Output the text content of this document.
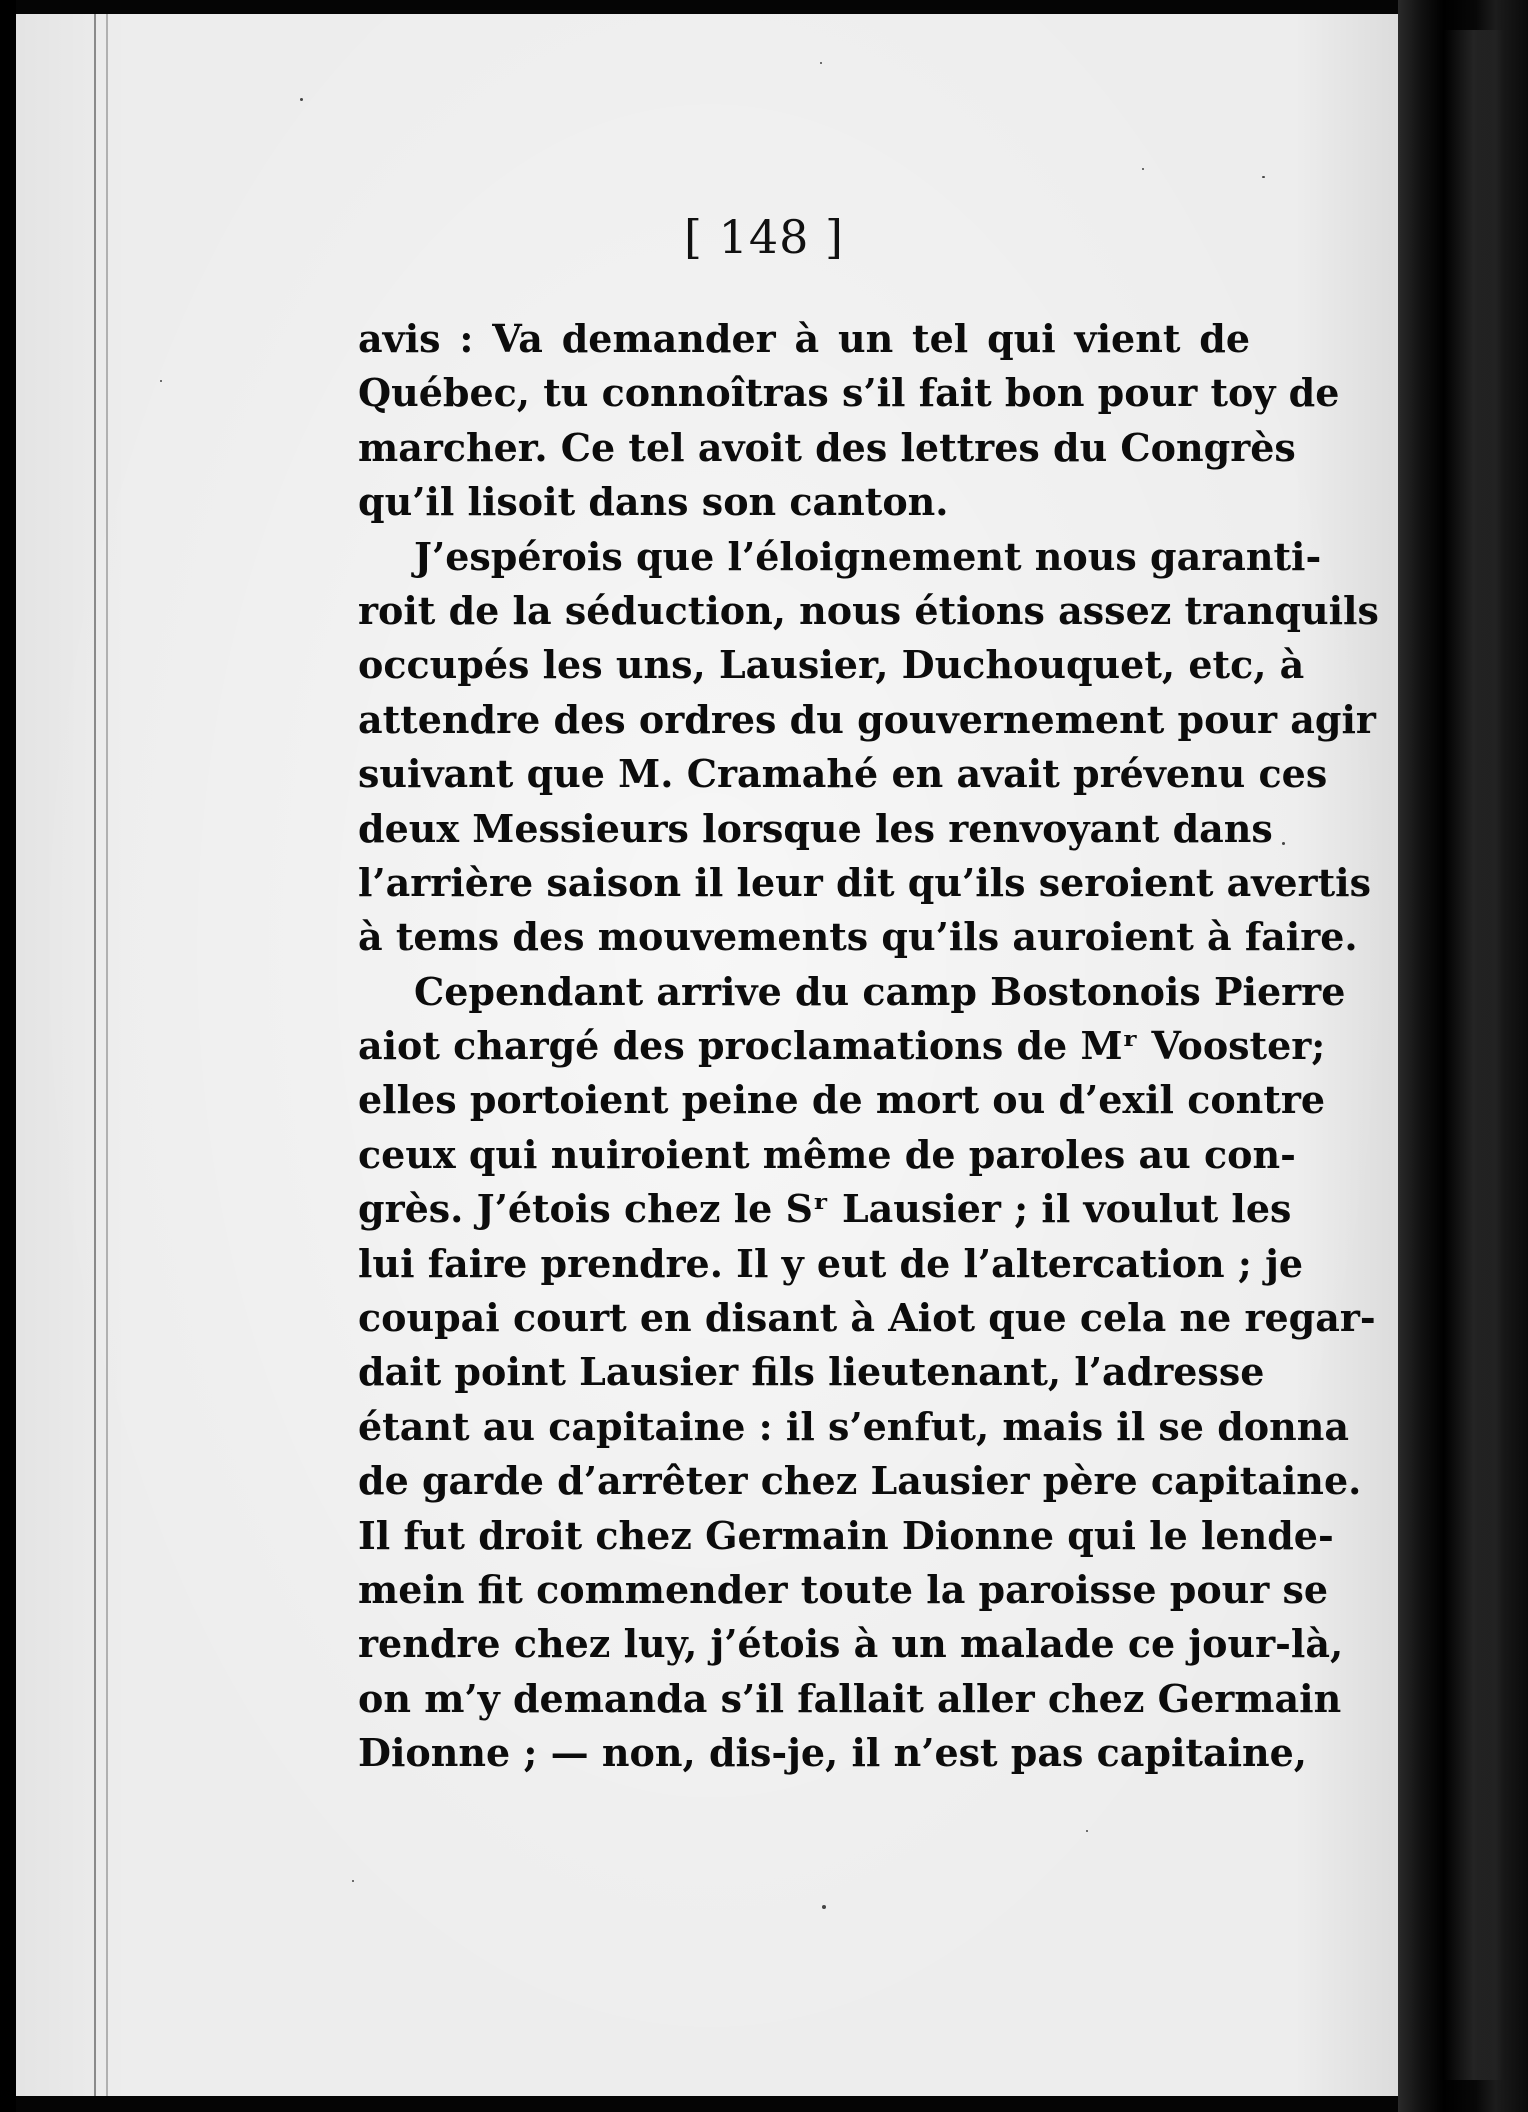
[ 148 ]

avis : Va demander à un tel qui vient de
Québec, tu connoîtras s’il fait bon pour toy de
marcher. Ce tel avoit des lettres du Congrès
qu’il lisoit dans son canton.
J’espérois que l’éloignement nous garanti-
roit de la séduction, nous étions assez tranquils
occupés les uns, Lausier, Duchouquet, etc, à
attendre des ordres du gouvernement pour agir
suivant que M. Cramahé en avait prévenu ces
deux Messieurs lorsque les renvoyant dans
l’arrière saison il leur dit qu’ils seroient avertis
à tems des mouvements qu’ils auroient à faire.
Cependant arrive du camp Bostonois Pierre
aiot chargé des proclamations de Mʳ Vooster;
elles portoient peine de mort ou d’exil contre
ceux qui nuiroient même de paroles au con-
grès. J’étois chez le Sʳ Lausier ; il voulut les
lui faire prendre. Il y eut de l’altercation ; je
coupai court en disant à Aiot que cela ne regar-
dait point Lausier fils lieutenant, l’adresse
étant au capitaine : il s’enfut, mais il se donna
de garde d’arrêter chez Lausier père capitaine.
Il fut droit chez Germain Dionne qui le lende-
mein fit commender toute la paroisse pour se
rendre chez luy, j’étois à un malade ce jour-là,
on m’y demanda s’il fallait aller chez Germain
Dionne ; — non, dis-je, il n’est pas capitaine,
